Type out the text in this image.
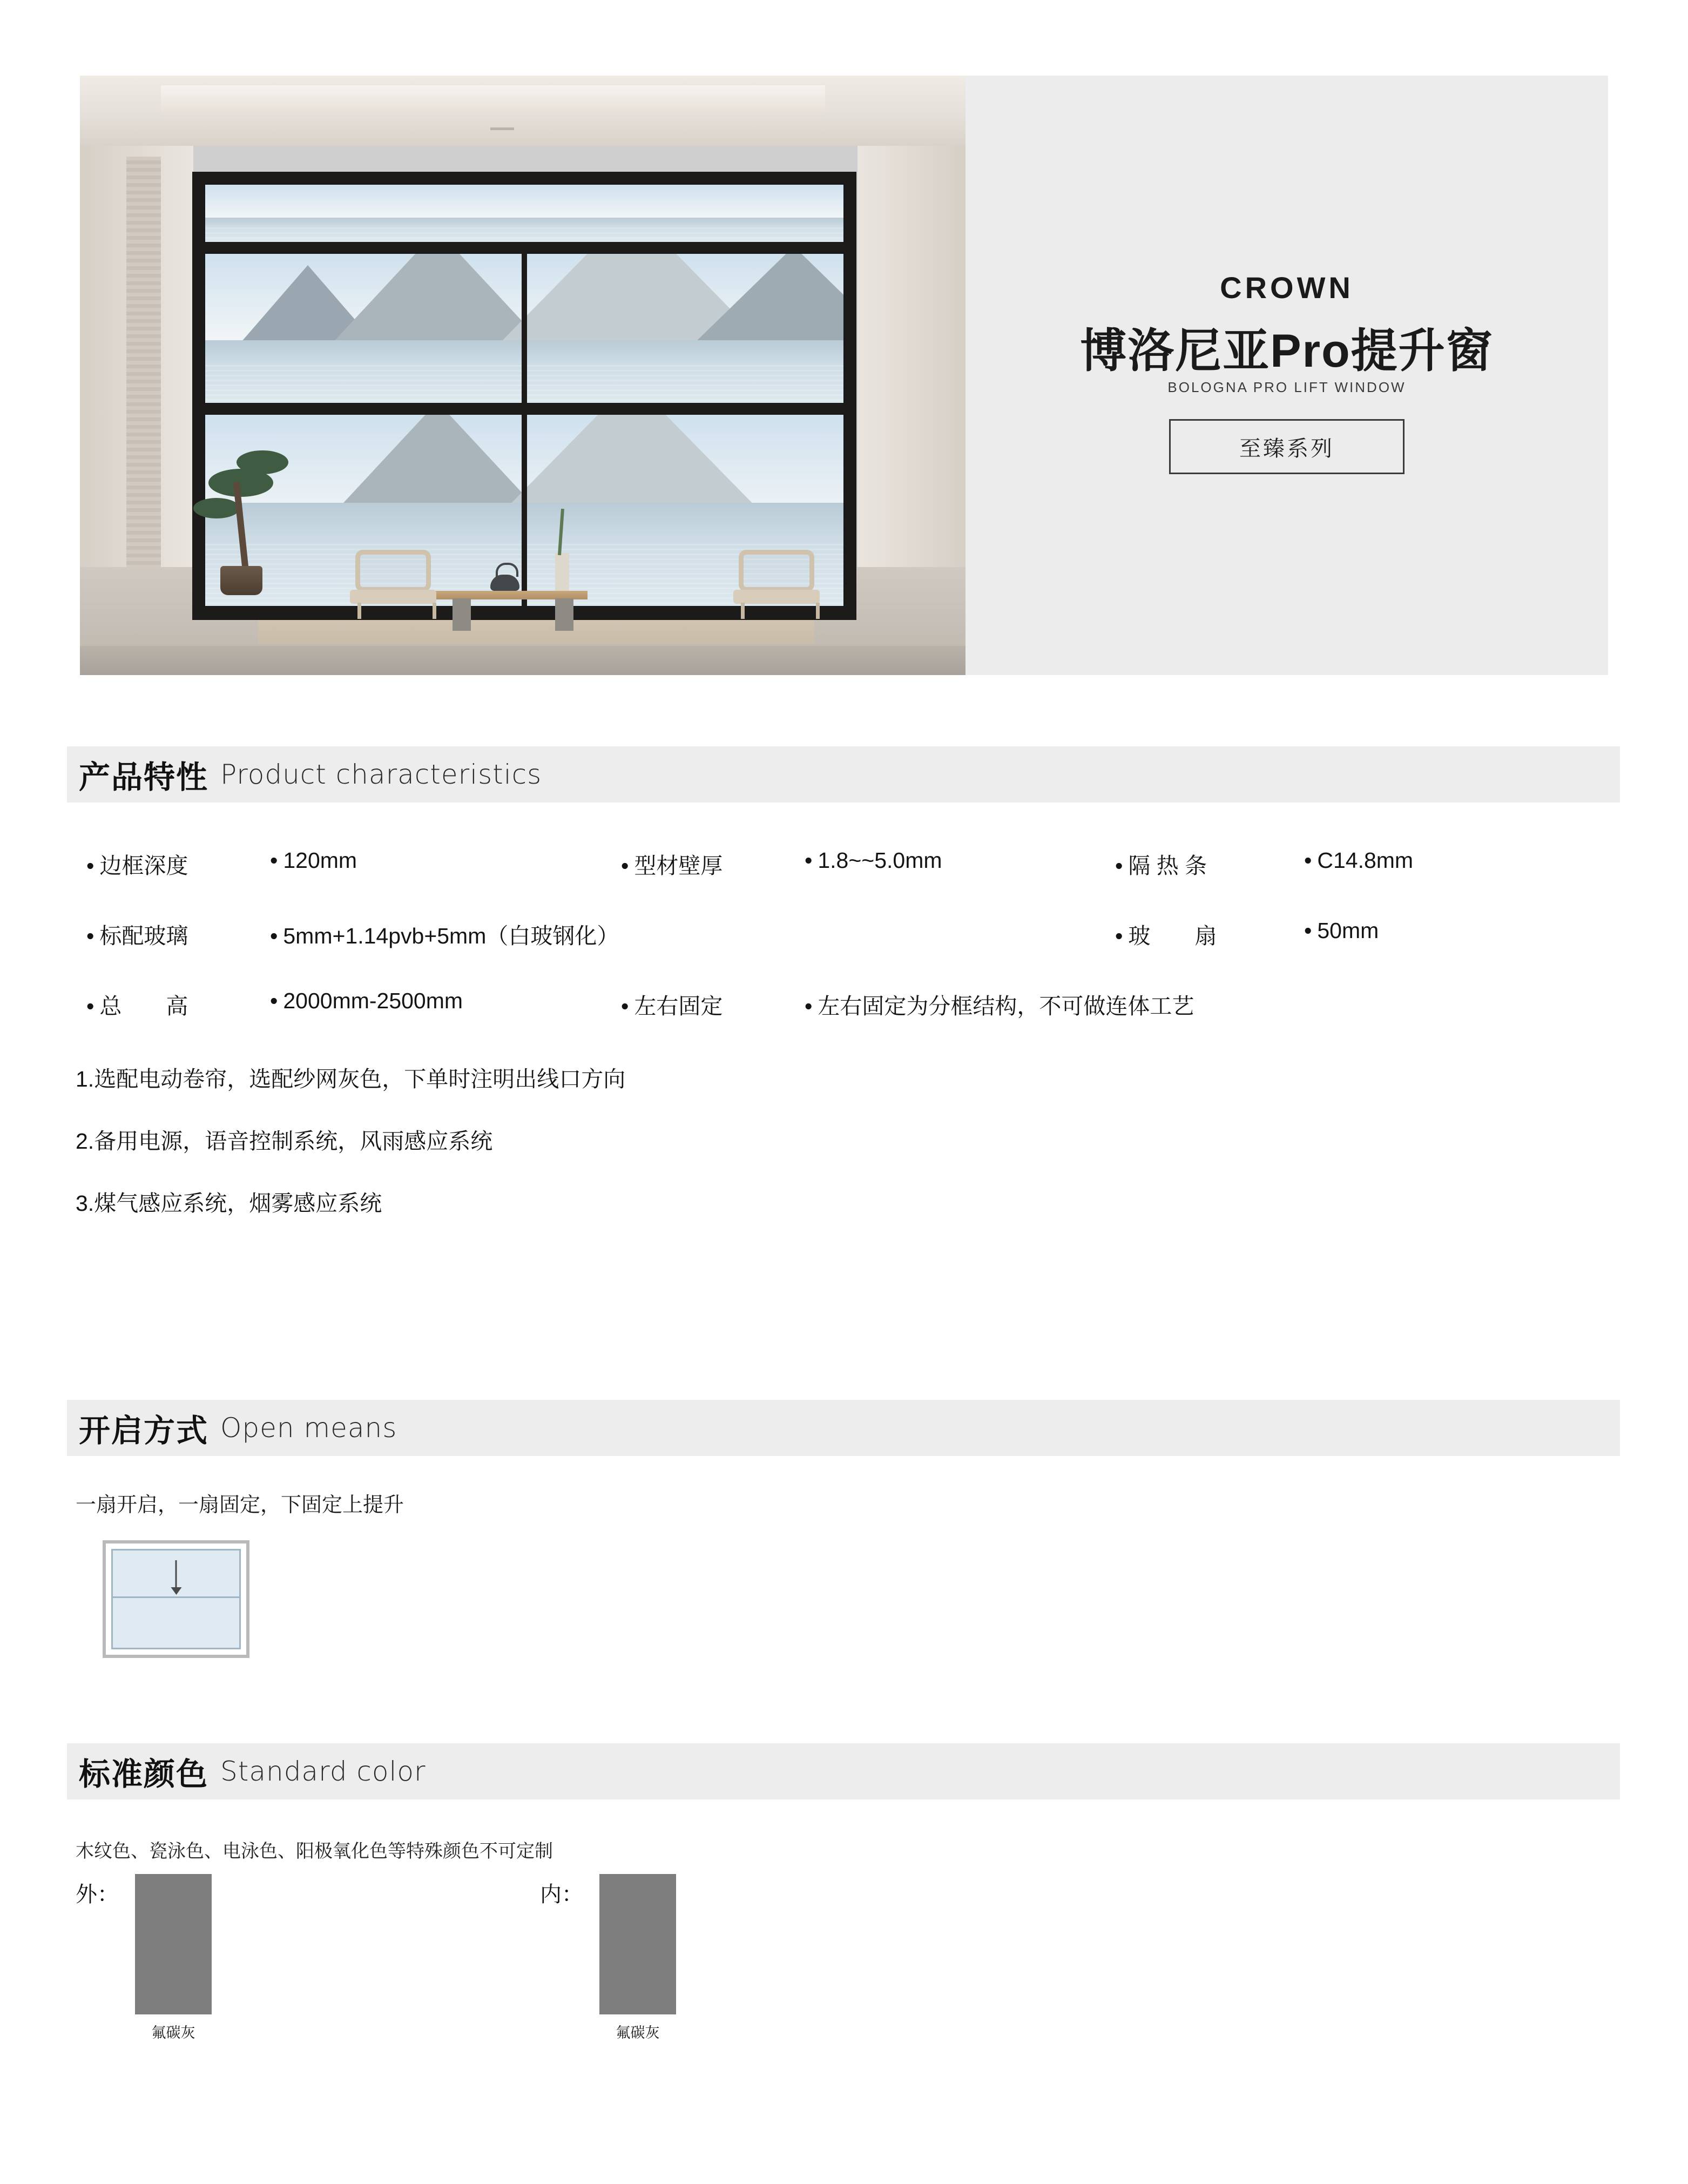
CROWN
博洛尼亚Pro提升窗
BOLOGNA PRO LIFT WINDOW
至臻系列
产品特性 Product characteristics
• 边框深度	• 120mm	• 型材壁厚	• 1.8~~5.0mm	• 隔 热 条	• C14.8mm
• 标配玻璃	• 5mm+1.14pvb+5mm（白玻钢化）	• 玻　　扇	• 50mm
• 总　　高	• 2000mm-2500mm	• 左右固定	• 左右固定为分框结构，不可做连体工艺
1.选配电动卷帘，选配纱网灰色，下单时注明出线口方向
2.备用电源，语音控制系统，风雨感应系统
3.煤气感应系统，烟雾感应系统
开启方式 Open means
一扇开启，一扇固定，下固定上提升
标准颜色 Standard color
木纹色、瓷泳色、电泳色、阳极氧化色等特殊颜色不可定制
外：
氟碳灰
内：
氟碳灰
